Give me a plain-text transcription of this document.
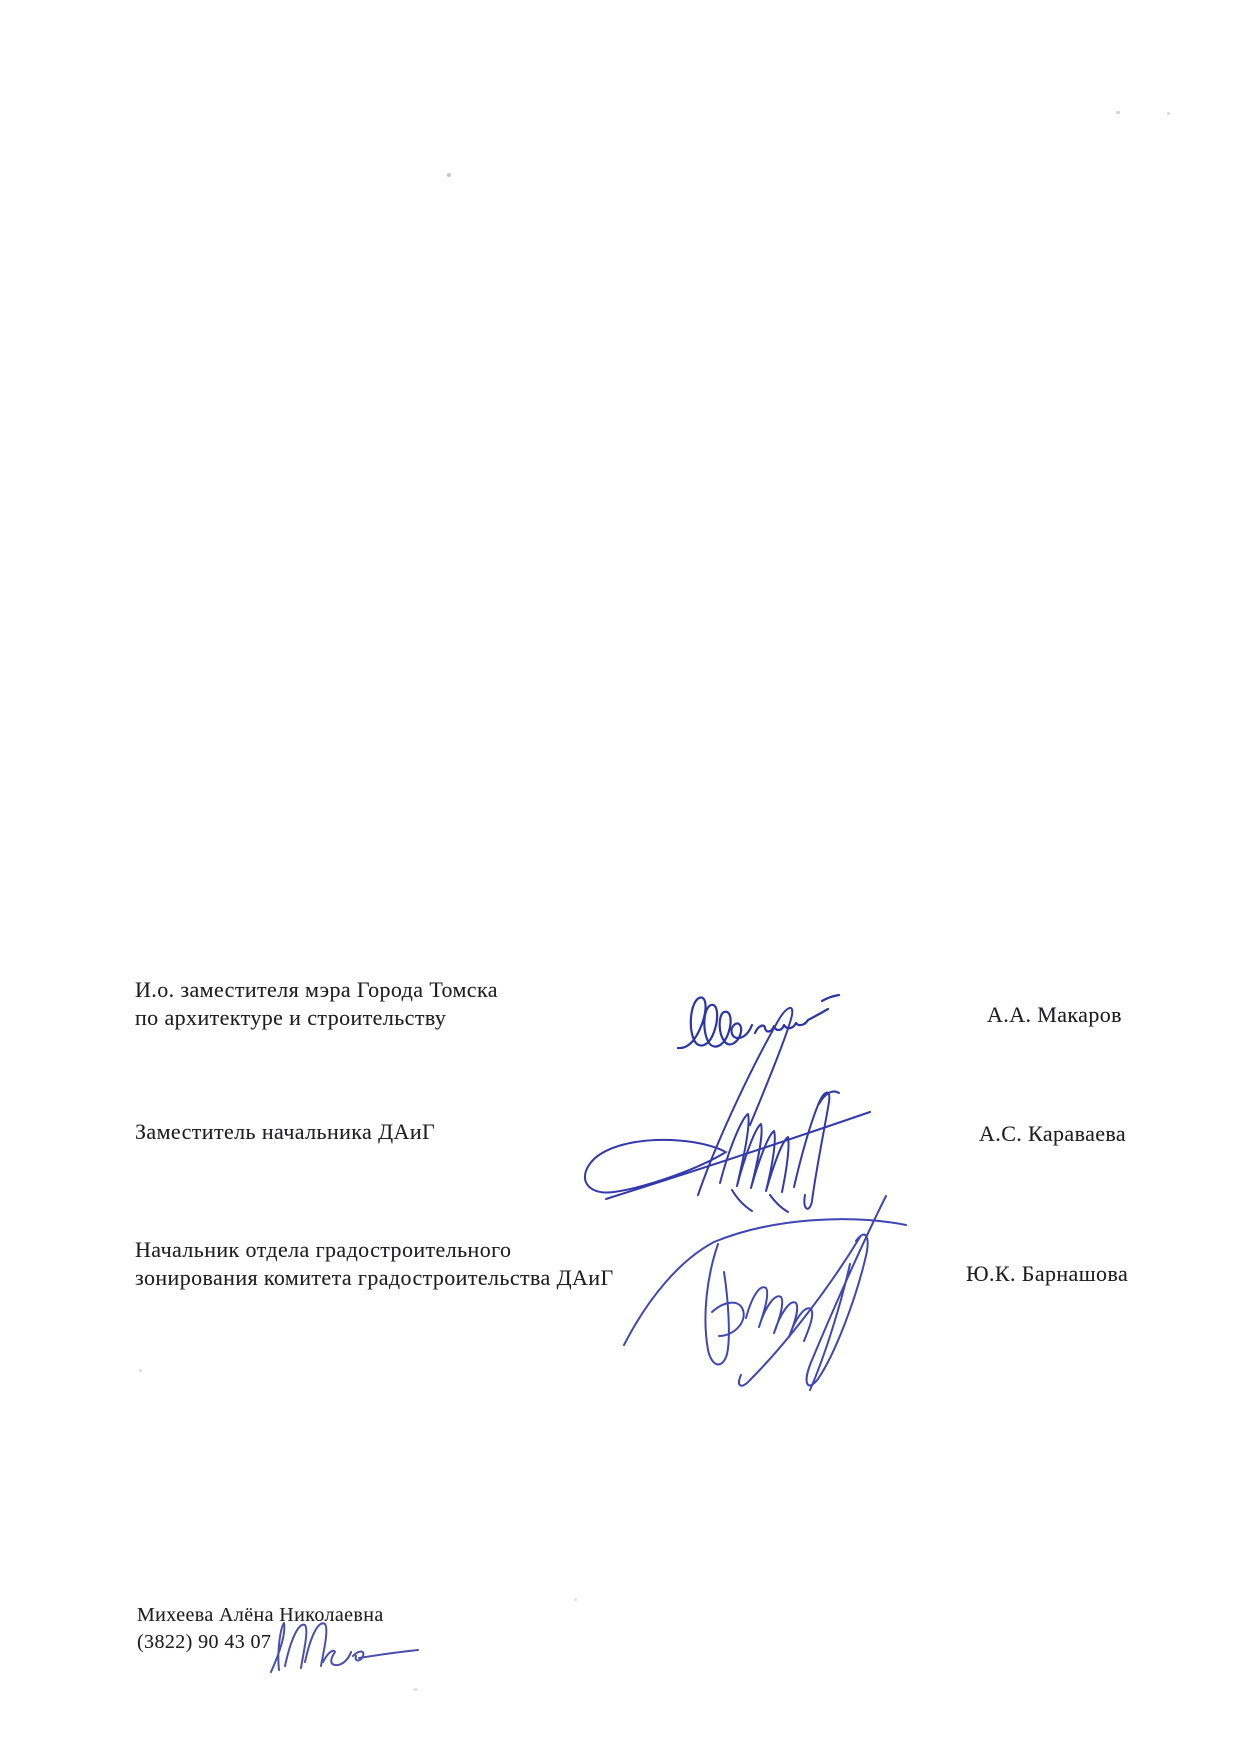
И.о. заместителя мэра Города Томска
по архитектуре и строительству	А.А. Макаров
Заместитель начальника ДАиГ	А.С. Караваева
Начальник отдела градостроительного
зонирования комитета градостроительства ДАиГ	Ю.К. Барнашова
Михеева Алёна Николаевна
(3822) 90 43 07
